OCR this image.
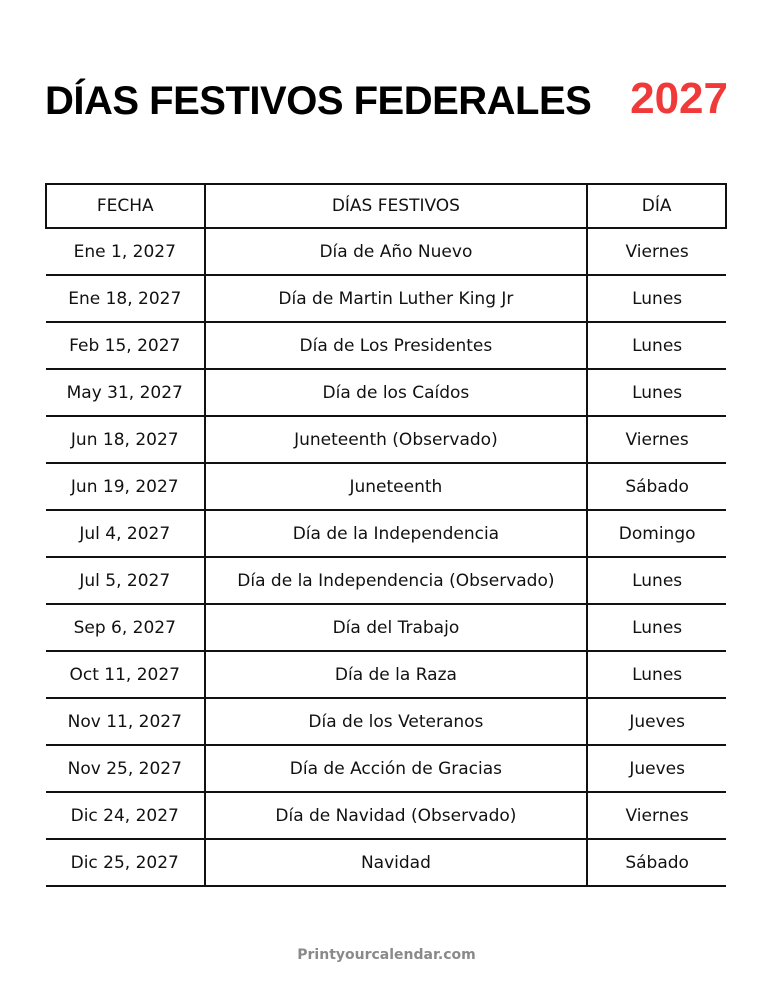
DÍAS FESTIVOS FEDERALES 2027
FECHA	DÍAS FESTIVOS	DÍA
Ene 1, 2027	Día de Año Nuevo	Viernes
Ene 18, 2027	Día de Martin Luther King Jr	Lunes
Feb 15, 2027	Día de Los Presidentes	Lunes
May 31, 2027	Día de los Caídos	Lunes
Jun 18, 2027	Juneteenth (Observado)	Viernes
Jun 19, 2027	Juneteenth	Sábado
Jul 4, 2027	Día de la Independencia	Domingo
Jul 5, 2027	Día de la Independencia (Observado)	Lunes
Sep 6, 2027	Día del Trabajo	Lunes
Oct 11, 2027	Día de la Raza	Lunes
Nov 11, 2027	Día de los Veteranos	Jueves
Nov 25, 2027	Día de Acción de Gracias	Jueves
Dic 24, 2027	Día de Navidad (Observado)	Viernes
Dic 25, 2027	Navidad	Sábado
Printyourcalendar.com
